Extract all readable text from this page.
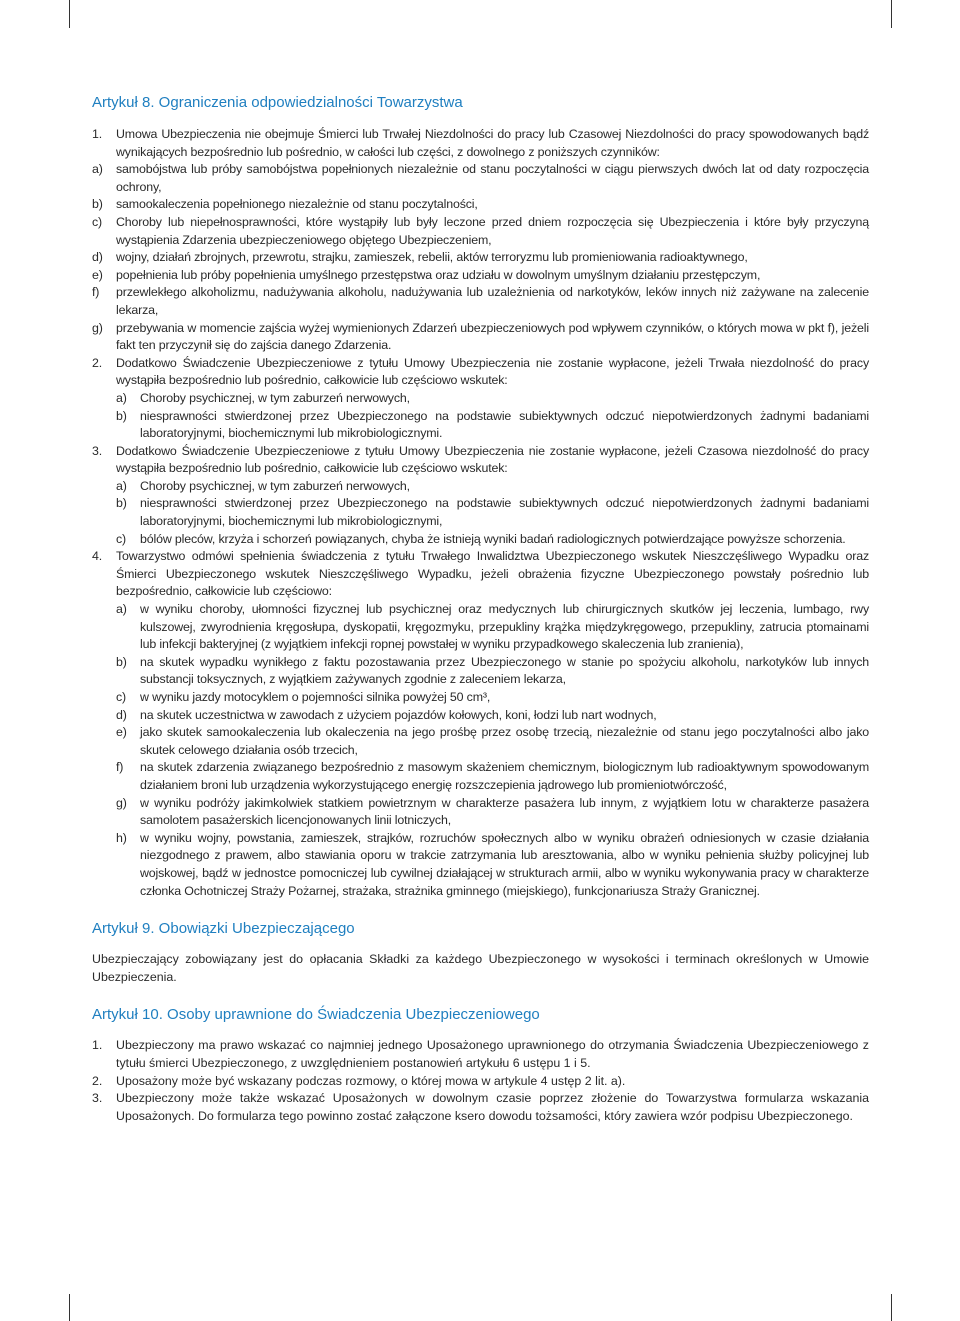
Artykuł 8. Ograniczenia odpowiedzialności Towarzystwa
1. Umowa Ubezpieczenia nie obejmuje Śmierci lub Trwałej Niezdolności do pracy lub Czasowej Niezdolności do pracy spowodowanych bądź wynikających bezpośrednio lub pośrednio, w całości lub części, z dowolnego z poniższych czynników:

a) samobójstwa lub próby samobójstwa popełnionych niezależnie od stanu poczytalności w ciągu pierwszych dwóch lat od daty rozpoczęcia ochrony,

b) samookaleczenia popełnionego niezależnie od stanu poczytalności,

c) Choroby lub niepełnosprawności, które wystąpiły lub były leczone przed dniem rozpoczęcia się Ubezpieczenia i które były przyczyną wystąpienia Zdarzenia ubezpieczeniowego objętego Ubezpieczeniem,

d) wojny, działań zbrojnych, przewrotu, strajku, zamieszek, rebelii, aktów terroryzmu lub promieniowania radioaktywnego,

e) popełnienia lub próby popełnienia umyślnego przestępstwa oraz udziału w dowolnym umyślnym działaniu przestępczym,

f) przewlekłego alkoholizmu, nadużywania alkoholu, nadużywania lub uzależnienia od narkotyków, leków innych niż zażywane na zalecenie lekarza,

g) przebywania w momencie zajścia wyżej wymienionych Zdarzeń ubezpieczeniowych pod wpływem czynników, o których mowa w pkt f), jeżeli fakt ten przyczynił się do zajścia danego Zdarzenia.

2. Dodatkowo Świadczenie Ubezpieczeniowe z tytułu Umowy Ubezpieczenia nie zostanie wypłacone, jeżeli Trwała niezdolność do pracy wystąpiła bezpośrednio lub pośrednio, całkowicie lub częściowo wskutek:

a) Choroby psychicznej, w tym zaburzeń nerwowych,

b) niesprawności stwierdzonej przez Ubezpieczonego na podstawie subiektywnych odczuć niepotwierdzonych żadnymi badaniami laboratoryjnymi, biochemicznymi lub mikrobiologicznymi.

3. Dodatkowo Świadczenie Ubezpieczeniowe z tytułu Umowy Ubezpieczenia nie zostanie wypłacone, jeżeli Czasowa niezdolność do pracy wystąpiła bezpośrednio lub pośrednio, całkowicie lub częściowo wskutek:

a) Choroby psychicznej, w tym zaburzeń nerwowych,

b) niesprawności stwierdzonej przez Ubezpieczonego na podstawie subiektywnych odczuć niepotwierdzonych żadnymi badaniami laboratoryjnymi, biochemicznymi lub mikrobiologicznymi,

c) bólów pleców, krzyża i schorzeń powiązanych, chyba że istnieją wyniki badań radiologicznych potwierdzające powyższe schorzenia.

4. Towarzystwo odmówi spełnienia świadczenia z tytułu Trwałego Inwalidztwa Ubezpieczonego wskutek Nieszczęśliwego Wypadku oraz Śmierci Ubezpieczonego wskutek Nieszczęśliwego Wypadku, jeżeli obrażenia fizyczne Ubezpieczonego powstały pośrednio lub bezpośrednio, całkowicie lub częściowo:

a) w wyniku choroby, ułomności fizycznej lub psychicznej oraz medycznych lub chirurgicznych skutków jej leczenia, lumbago, rwy kulszowej, zwyrodnienia kręgosłupa, dyskopatii, kręgozmyku, przepukliny krążka międzykręgowego, przepukliny, zatrucia ptomainami lub infekcji bakteryjnej (z wyjątkiem infekcji ropnej powstałej w wyniku przypadkowego skaleczenia lub zranienia),

b) na skutek wypadku wynikłego z faktu pozostawania przez Ubezpieczonego w stanie po spożyciu alkoholu, narkotyków lub innych substancji toksycznych, z wyjątkiem zażywanych zgodnie z zaleceniem lekarza,

c) w wyniku jazdy motocyklem o pojemności silnika powyżej 50 cm³,

d) na skutek uczestnictwa w zawodach z użyciem pojazdów kołowych, koni, łodzi lub nart wodnych,

e) jako skutek samookaleczenia lub okaleczenia na jego prośbę przez osobę trzecią, niezależnie od stanu jego poczytalności albo jako skutek celowego działania osób trzecich,

f) na skutek zdarzenia związanego bezpośrednio z masowym skażeniem chemicznym, biologicznym lub radioaktywnym spowodowanym działaniem broni lub urządzenia wykorzystującego energię rozszczepienia jądrowego lub promieniotwórczość,

g) w wyniku podróży jakimkolwiek statkiem powietrznym w charakterze pasażera lub innym, z wyjątkiem lotu w charakterze pasażera samolotem pasażerskich licencjonowanych linii lotniczych,

h) w wyniku wojny, powstania, zamieszek, strajków, rozruchów społecznych albo w wyniku obrażeń odniesionych w czasie działania niezgodnego z prawem, albo stawiania oporu w trakcie zatrzymania lub aresztowania, albo w wyniku pełnienia służby policyjnej lub wojskowej, bądź w jednostce pomocniczej lub cywilnej działającej w strukturach armii, albo w wyniku wykonywania pracy w charakterze członka Ochotniczej Straży Pożarnej, strażaka, strażnika gminnego (miejskiego), funkcjonariusza Straży Granicznej.

Artykuł 9. Obowiązki Ubezpieczającego

Ubezpieczający zobowiązany jest do opłacania Składki za każdego Ubezpieczonego w wysokości i terminach określonych w Umowie Ubezpieczenia.

Artykuł 10. Osoby uprawnione do Świadczenia Ubezpieczeniowego
1. Ubezpieczony ma prawo wskazać co najmniej jednego Uposażonego uprawnionego do otrzymania Świadczenia Ubezpieczeniowego z tytułu śmierci Ubezpieczonego, z uwzględnieniem postanowień artykułu 6 ustępu 1 i 5.

2. Uposażony może być wskazany podczas rozmowy, o której mowa w artykule 4 ustęp 2 lit. a).

3. Ubezpieczony może także wskazać Uposażonych w dowolnym czasie poprzez złożenie do Towarzystwa formularza wskazania Uposażonych. Do formularza tego powinno zostać załączone ksero dowodu tożsamości, który zawiera wzór podpisu Ubezpieczonego.
